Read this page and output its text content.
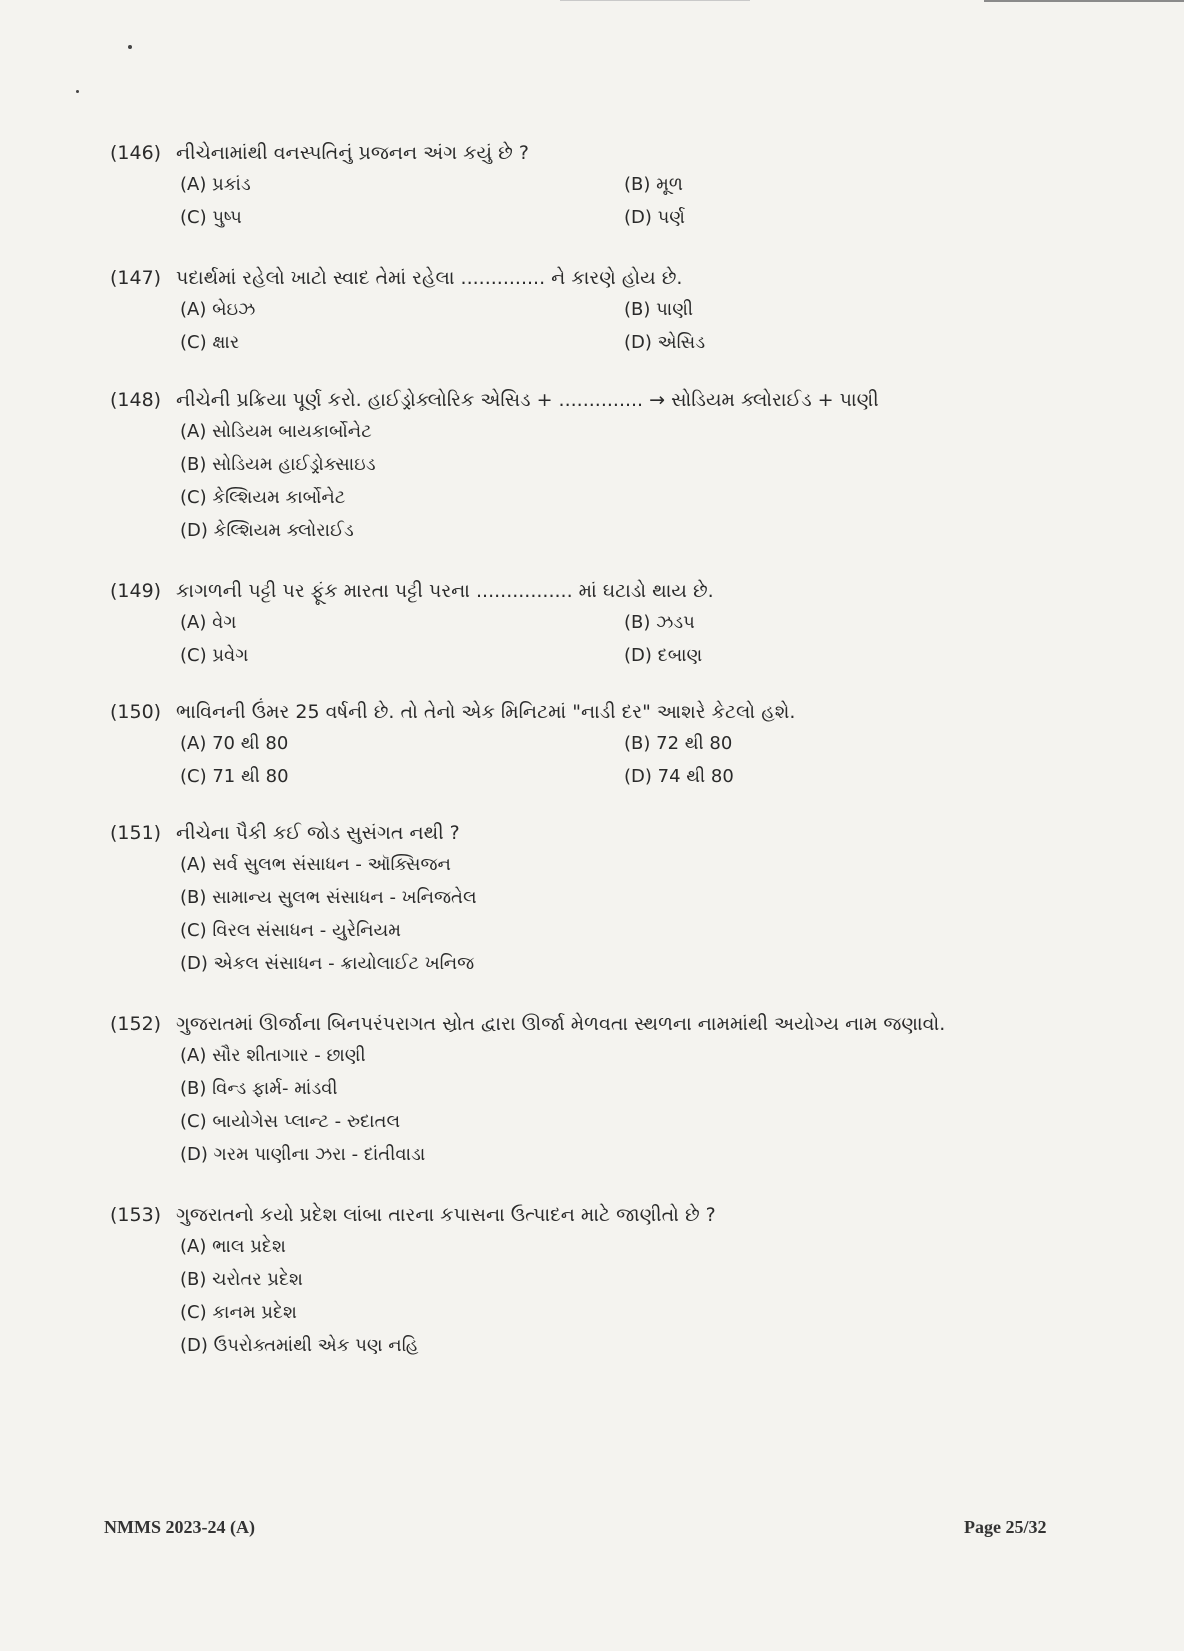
(146) નીચેનામાંથી વનસ્પતિનું પ્રજનન અંગ કયું છે ?
(A) પ્રકાંડ	(B) મૂળ
(C) પુષ્પ	(D) પર્ણ
(147) પદાર્થમાં રહેલો ખાટો સ્વાદ તેમાં રહેલા .............. ને કારણે હોય છે.
(A) બેઇઝ	(B) પાણી
(C) ક્ષાર	(D) એસિડ
(148) નીચેની પ્રક્રિયા પૂર્ણ કરો. હાઈડ્રોક્લોરિક એસિડ + .............. → સોડિયમ ક્લોરાઈડ + પાણી
(A) સોડિયમ બાયકાર્બોનેટ
(B) સોડિયમ હાઈડ્રોક્સાઇડ
(C) કેલ્શિયમ કાર્બોનેટ
(D) કેલ્શિયમ ક્લોરાઈડ
(149) કાગળની પટ્ટી પર ફૂંક મારતા પટ્ટી પરના ................ માં ઘટાડો થાય છે.
(A) વેગ	(B) ઝડપ
(C) પ્રવેગ	(D) દબાણ
(150) ભાવિનની ઉંમર 25 વર્ષની છે. તો તેનો એક મિનિટમાં "નાડી દર" આશરે કેટલો હશે.
(A) 70 થી 80	(B) 72 થી 80
(C) 71 થી 80	(D) 74 થી 80
(151) નીચેના પૈકી કઈ જોડ સુસંગત નથી ?
(A) સર્વ સુલભ સંસાધન - ઑક્સિજન
(B) સામાન્ય સુલભ સંસાધન - ખનિજતેલ
(C) વિરલ સંસાધન - યુરેનિયમ
(D) એકલ સંસાધન - ક્રાયોલાઈટ ખનિજ
(152) ગુજરાતમાં ઊર્જાના બિનપરંપરાગત સ્રોત દ્વારા ઊર્જા મેળવતા સ્થળના નામમાંથી અયોગ્ય નામ જણાવો.
(A) સૌર શીતાગાર - છાણી
(B) વિન્ડ ફાર્મ- માંડવી
(C) બાયોગેસ પ્લાન્ટ - રુદાતલ
(D) ગરમ પાણીના ઝરા - દાંતીવાડા
(153) ગુજરાતનો કયો પ્રદેશ લાંબા તારના કપાસના ઉત્પાદન માટે જાણીતો છે ?
(A) ભાલ પ્રદેશ
(B) ચરોતર પ્રદેશ
(C) કાનમ પ્રદેશ
(D) ઉપરોક્તમાંથી એક પણ નહિ
NMMS 2023-24 (A)	Page 25/32
